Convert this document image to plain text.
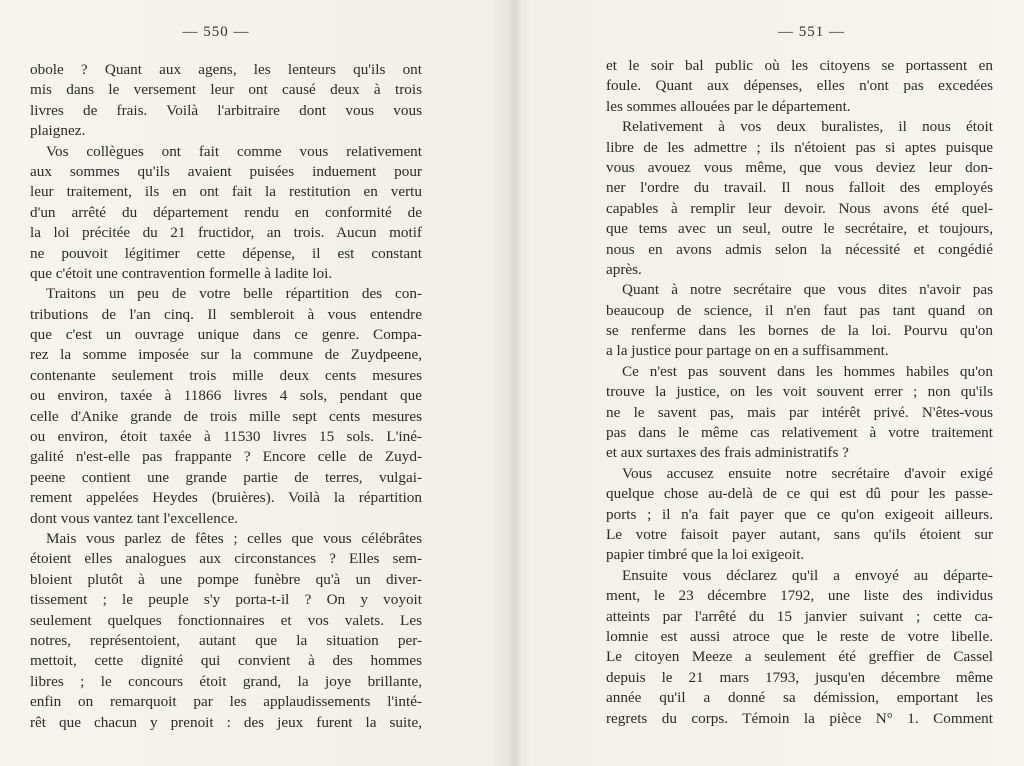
— 550 —
obole ? Quant aux agens, les lenteurs qu'ils ont
mis dans le versement leur ont causé deux à trois
livres de frais. Voilà l'arbitraire dont vous vous
plaignez.
Vos collègues ont fait comme vous relativement
aux sommes qu'ils avaient puisées induement pour
leur traitement, ils en ont fait la restitution en vertu
d'un arrêté du département rendu en conformité de
la loi précitée du 21 fructidor, an trois. Aucun motif
ne pouvoit légitimer cette dépense, il est constant
que c'étoit une contravention formelle à ladite loi.
Traitons un peu de votre belle répartition des con-
tributions de l'an cinq. Il sembleroit à vous entendre
que c'est un ouvrage unique dans ce genre. Compa-
rez la somme imposée sur la commune de Zuydpeene,
contenante seulement trois mille deux cents mesures
ou environ, taxée à 11866 livres 4 sols, pendant que
celle d'Anike grande de trois mille sept cents mesures
ou environ, étoit taxée à 11530 livres 15 sols. L'iné-
galité n'est-elle pas frappante ? Encore celle de Zuyd-
peene contient une grande partie de terres, vulgai-
rement appelées Heydes (bruières). Voilà la répartition
dont vous vantez tant l'excellence.
Mais vous parlez de fêtes ; celles que vous célébrâtes
étoient elles analogues aux circonstances ? Elles sem-
bloient plutôt à une pompe funèbre qu'à un diver-
tissement ; le peuple s'y porta-t-il ? On y voyoit
seulement quelques fonctionnaires et vos valets. Les
notres, représentoient, autant que la situation per-
mettoit, cette dignité qui convient à des hommes
libres ; le concours étoit grand, la joye brillante,
enfin on remarquoit par les applaudissements l'inté-
rêt que chacun y prenoit : des jeux furent la suite,
— 551 —
et le soir bal public où les citoyens se portassent en
foule. Quant aux dépenses, elles n'ont pas excedées
les sommes allouées par le département.
Relativement à vos deux buralistes, il nous étoit
libre de les admettre ; ils n'étoient pas si aptes puisque
vous avouez vous même, que vous deviez leur don-
ner l'ordre du travail. Il nous falloit des employés
capables à remplir leur devoir. Nous avons été quel-
que tems avec un seul, outre le secrétaire, et toujours,
nous en avons admis selon la nécessité et congédié
après.
Quant à notre secrétaire que vous dites n'avoir pas
beaucoup de science, il n'en faut pas tant quand on
se renferme dans les bornes de la loi. Pourvu qu'on
a la justice pour partage on en a suffisamment.
Ce n'est pas souvent dans les hommes habiles qu'on
trouve la justice, on les voit souvent errer ; non qu'ils
ne le savent pas, mais par intérêt privé. N'êtes-vous
pas dans le même cas relativement à votre traitement
et aux surtaxes des frais administratifs ?
Vous accusez ensuite notre secrétaire d'avoir exigé
quelque chose au-delà de ce qui est dû pour les passe-
ports ; il n'a fait payer que ce qu'on exigeoit ailleurs.
Le votre faisoit payer autant, sans qu'ils étoient sur
papier timbré que la loi exigeoit.
Ensuite vous déclarez qu'il a envoyé au départe-
ment, le 23 décembre 1792, une liste des individus
atteints par l'arrêté du 15 janvier suivant ; cette ca-
lomnie est aussi atroce que le reste de votre libelle.
Le citoyen Meeze a seulement été greffier de Cassel
depuis le 21 mars 1793, jusqu'en décembre même
année qu'il a donné sa démission, emportant les
regrets du corps. Témoin la pièce N° 1. Comment
